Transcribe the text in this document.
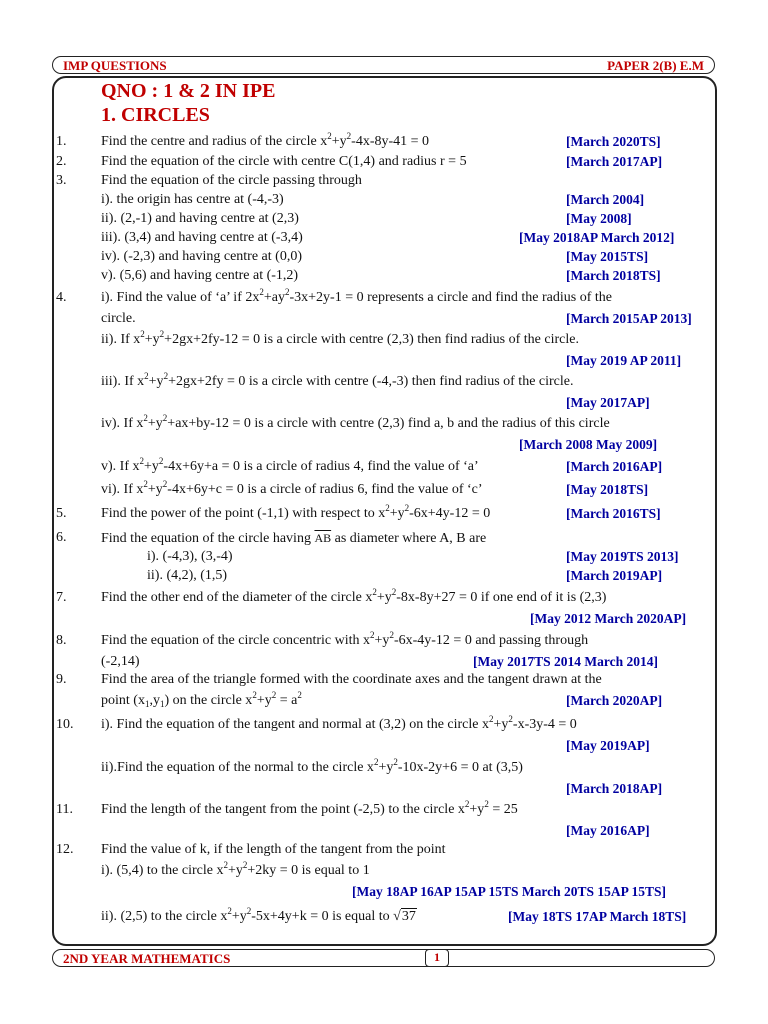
IMP QUESTIONS	PAPER 2(B) E.M
QNO : 1 & 2 IN IPE
1. CIRCLES
1. Find the centre and radius of the circle $x^2+y^2-4x-8y-41 = 0$	[March 2020TS]
2. Find the equation of the circle with centre C(1,4) and radius r = 5	[March 2017AP]
3. Find the equation of the circle passing through
i). the origin has centre at (-4,-3)	[March 2004]
ii). (2,-1) and having centre at (2,3)	[May 2008]
iii). (3,4) and having centre at (-3,4)	[May 2018AP March 2012]
iv). (-2,3) and having centre at (0,0)	[May 2015TS]
v). (5,6) and having centre at (-1,2)	[March 2018TS]
4. i). Find the value of ‘a’ if $2x^2+ay^2-3x+2y-1 = 0$ represents a circle and find the radius of the
circle.	[March 2015AP 2013]
ii). If $x^2+y^2+2gx+2fy-12 = 0$ is a circle with centre (2,3) then find radius of the circle.
[May 2019 AP 2011]
iii). If $x^2+y^2+2gx+2fy = 0$ is a circle with centre (-4,-3) then find radius of the circle.
[May 2017AP]
iv). If $x^2+y^2+ax+by-12 = 0$ is a circle with centre (2,3) find a, b and the radius of this circle
[March 2008 May 2009]
v). If $x^2+y^2-4x+6y+a = 0$ is a circle of radius 4, find the value of ‘a’	[March 2016AP]
vi). If $x^2+y^2-4x+6y+c = 0$ is a circle of radius 6, find the value of ‘c’	[May 2018TS]
5. Find the power of the point (-1,1) with respect to $x^2+y^2-6x+4y-12 = 0$	[March 2016TS]
6. Find the equation of the circle having $\overline{AB}$ as diameter where A, B are
i). (-4,3), (3,-4)	[May 2019TS 2013]
ii). (4,2), (1,5)	[March 2019AP]
7. Find the other end of the diameter of the circle $x^2+y^2-8x-8y+27 = 0$ if one end of it is (2,3)
[May 2012 March 2020AP]
8. Find the equation of the circle concentric with $x^2+y^2-6x-4y-12 = 0$ and passing through
(-2,14)	[May 2017TS 2014 March 2014]
9. Find the area of the triangle formed with the coordinate axes and the tangent drawn at the
point $(x_1,y_1)$ on the circle $x^2+y^2 = a^2$	[March 2020AP]
10. i). Find the equation of the tangent and normal at (3,2) on the circle $x^2+y^2-x-3y-4 = 0$
[May 2019AP]
ii).Find the equation of the normal to the circle $x^2+y^2-10x-2y+6 = 0$ at (3,5)
[March 2018AP]
11. Find the length of the tangent from the point (-2,5) to the circle $x^2+y^2 = 25$
[May 2016AP]
12. Find the value of k, if the length of the tangent from the point
i). (5,4) to the circle $x^2+y^2+2ky = 0$ is equal to 1
[May 18AP 16AP 15AP 15TS March 20TS 15AP 15TS]
ii). (2,5) to the circle $x^2+y^2-5x+4y+k = 0$ is equal to √37	[May 18TS 17AP March 18TS]
2ND YEAR MATHEMATICS	1
